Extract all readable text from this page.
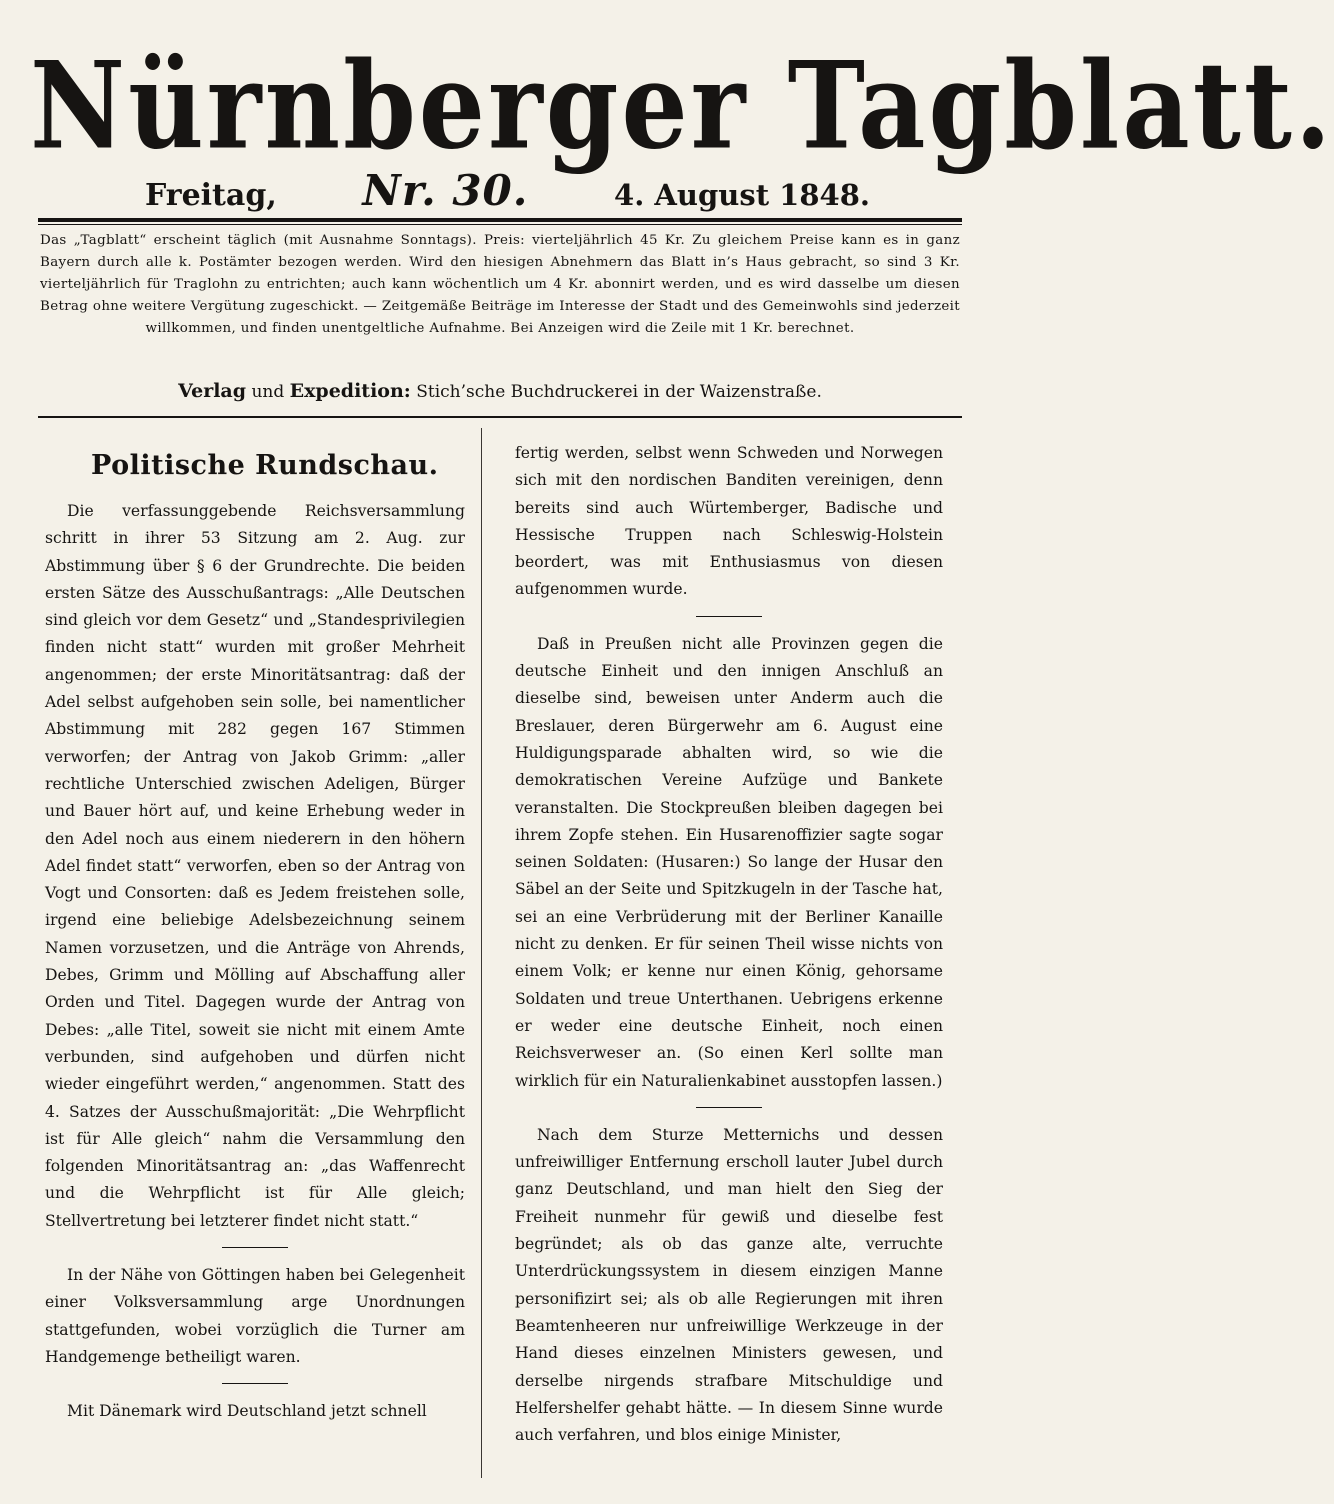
Nürnberger Tagblatt.
Freitag, Nr. 30.	4. August 1848.
Das „Tagblatt“ erscheint täglich (mit Ausnahme Sonntags). Preis: vierteljährlich 45 Kr. Zu gleichem Preise kann es in ganz Bayern durch alle k. Postämter bezogen werden. Wird den hiesigen Abnehmern das Blatt in’s Haus gebracht, so sind 3 Kr. vierteljährlich für Traglohn zu entrichten; auch kann wöchentlich um 4 Kr. abonnirt werden, und es wird dasselbe um diesen Betrag ohne weitere Vergütung zugeschickt. — Zeitgemäße Beiträge im Interesse der Stadt und des Gemeinwohls sind jederzeit willkommen, und finden unentgeltliche Aufnahme. Bei Anzeigen wird die Zeile mit 1 Kr. berechnet.
Verlag und Expedition: Stich’sche Buchdruckerei in der Waizenstraße.
Politische Rundschau.

Die verfassunggebende Reichsversammlung schritt in ihrer 53 Sitzung am 2. Aug. zur Abstimmung über § 6 der Grundrechte. Die beiden ersten Sätze des Ausschußantrags: „Alle Deutschen sind gleich vor dem Gesetz“ und „Standesprivilegien finden nicht statt“ wurden mit großer Mehrheit angenommen; der erste Minoritätsantrag: daß der Adel selbst aufgehoben sein solle, bei namentlicher Abstimmung mit 282 gegen 167 Stimmen verworfen; der Antrag von Jakob Grimm: „aller rechtliche Unterschied zwischen Adeligen, Bürger und Bauer hört auf, und keine Erhebung weder in den Adel noch aus einem niederern in den höhern Adel findet statt“ verworfen, eben so der Antrag von Vogt und Consorten: daß es Jedem freistehen solle, irgend eine beliebige Adelsbezeichnung seinem Namen vorzusetzen, und die Anträge von Ahrends, Debes, Grimm und Mölling auf Abschaffung aller Orden und Titel. Dagegen wurde der Antrag von Debes: „alle Titel, soweit sie nicht mit einem Amte verbunden, sind aufgehoben und dürfen nicht wieder eingeführt werden,“ angenommen. Statt des 4. Satzes der Ausschußmajorität: „Die Wehrpflicht ist für Alle gleich“ nahm die Versammlung den folgenden Minoritätsantrag an: „das Waffenrecht und die Wehrpflicht ist für Alle gleich; Stellvertretung bei letzterer findet nicht statt.“

In der Nähe von Göttingen haben bei Gelegenheit einer Volksversammlung arge Unordnungen stattgefunden, wobei vorzüglich die Turner am Handgemenge betheiligt waren.

Mit Dänemark wird Deutschland jetzt schnell

fertig werden, selbst wenn Schweden und Norwegen sich mit den nordischen Banditen vereinigen, denn bereits sind auch Würtemberger, Badische und Hessische Truppen nach Schleswig-Holstein beordert, was mit Enthusiasmus von diesen aufgenommen wurde.

Daß in Preußen nicht alle Provinzen gegen die deutsche Einheit und den innigen Anschluß an dieselbe sind, beweisen unter Anderm auch die Breslauer, deren Bürgerwehr am 6. August eine Huldigungsparade abhalten wird, so wie die demokratischen Vereine Aufzüge und Bankete veranstalten. Die Stockpreußen bleiben dagegen bei ihrem Zopfe stehen. Ein Husarenoffizier sagte sogar seinen Soldaten: (Husaren:) So lange der Husar den Säbel an der Seite und Spitzkugeln in der Tasche hat, sei an eine Verbrüderung mit der Berliner Kanaille nicht zu denken. Er für seinen Theil wisse nichts von einem Volk; er kenne nur einen König, gehorsame Soldaten und treue Unterthanen. Uebrigens erkenne er weder eine deutsche Einheit, noch einen Reichsverweser an. (So einen Kerl sollte man wirklich für ein Naturalienkabinet ausstopfen lassen.)

Nach dem Sturze Metternichs und dessen unfreiwilliger Entfernung erscholl lauter Jubel durch ganz Deutschland, und man hielt den Sieg der Freiheit nunmehr für gewiß und dieselbe fest begründet; als ob das ganze alte, verruchte Unterdrückungssystem in diesem einzigen Manne personifizirt sei; als ob alle Regierungen mit ihren Beamtenheeren nur unfreiwillige Werkzeuge in der Hand dieses einzelnen Ministers gewesen, und derselbe nirgends strafbare Mitschuldige und Helfershelfer gehabt hätte. — In diesem Sinne wurde auch verfahren, und blos einige Minister,
